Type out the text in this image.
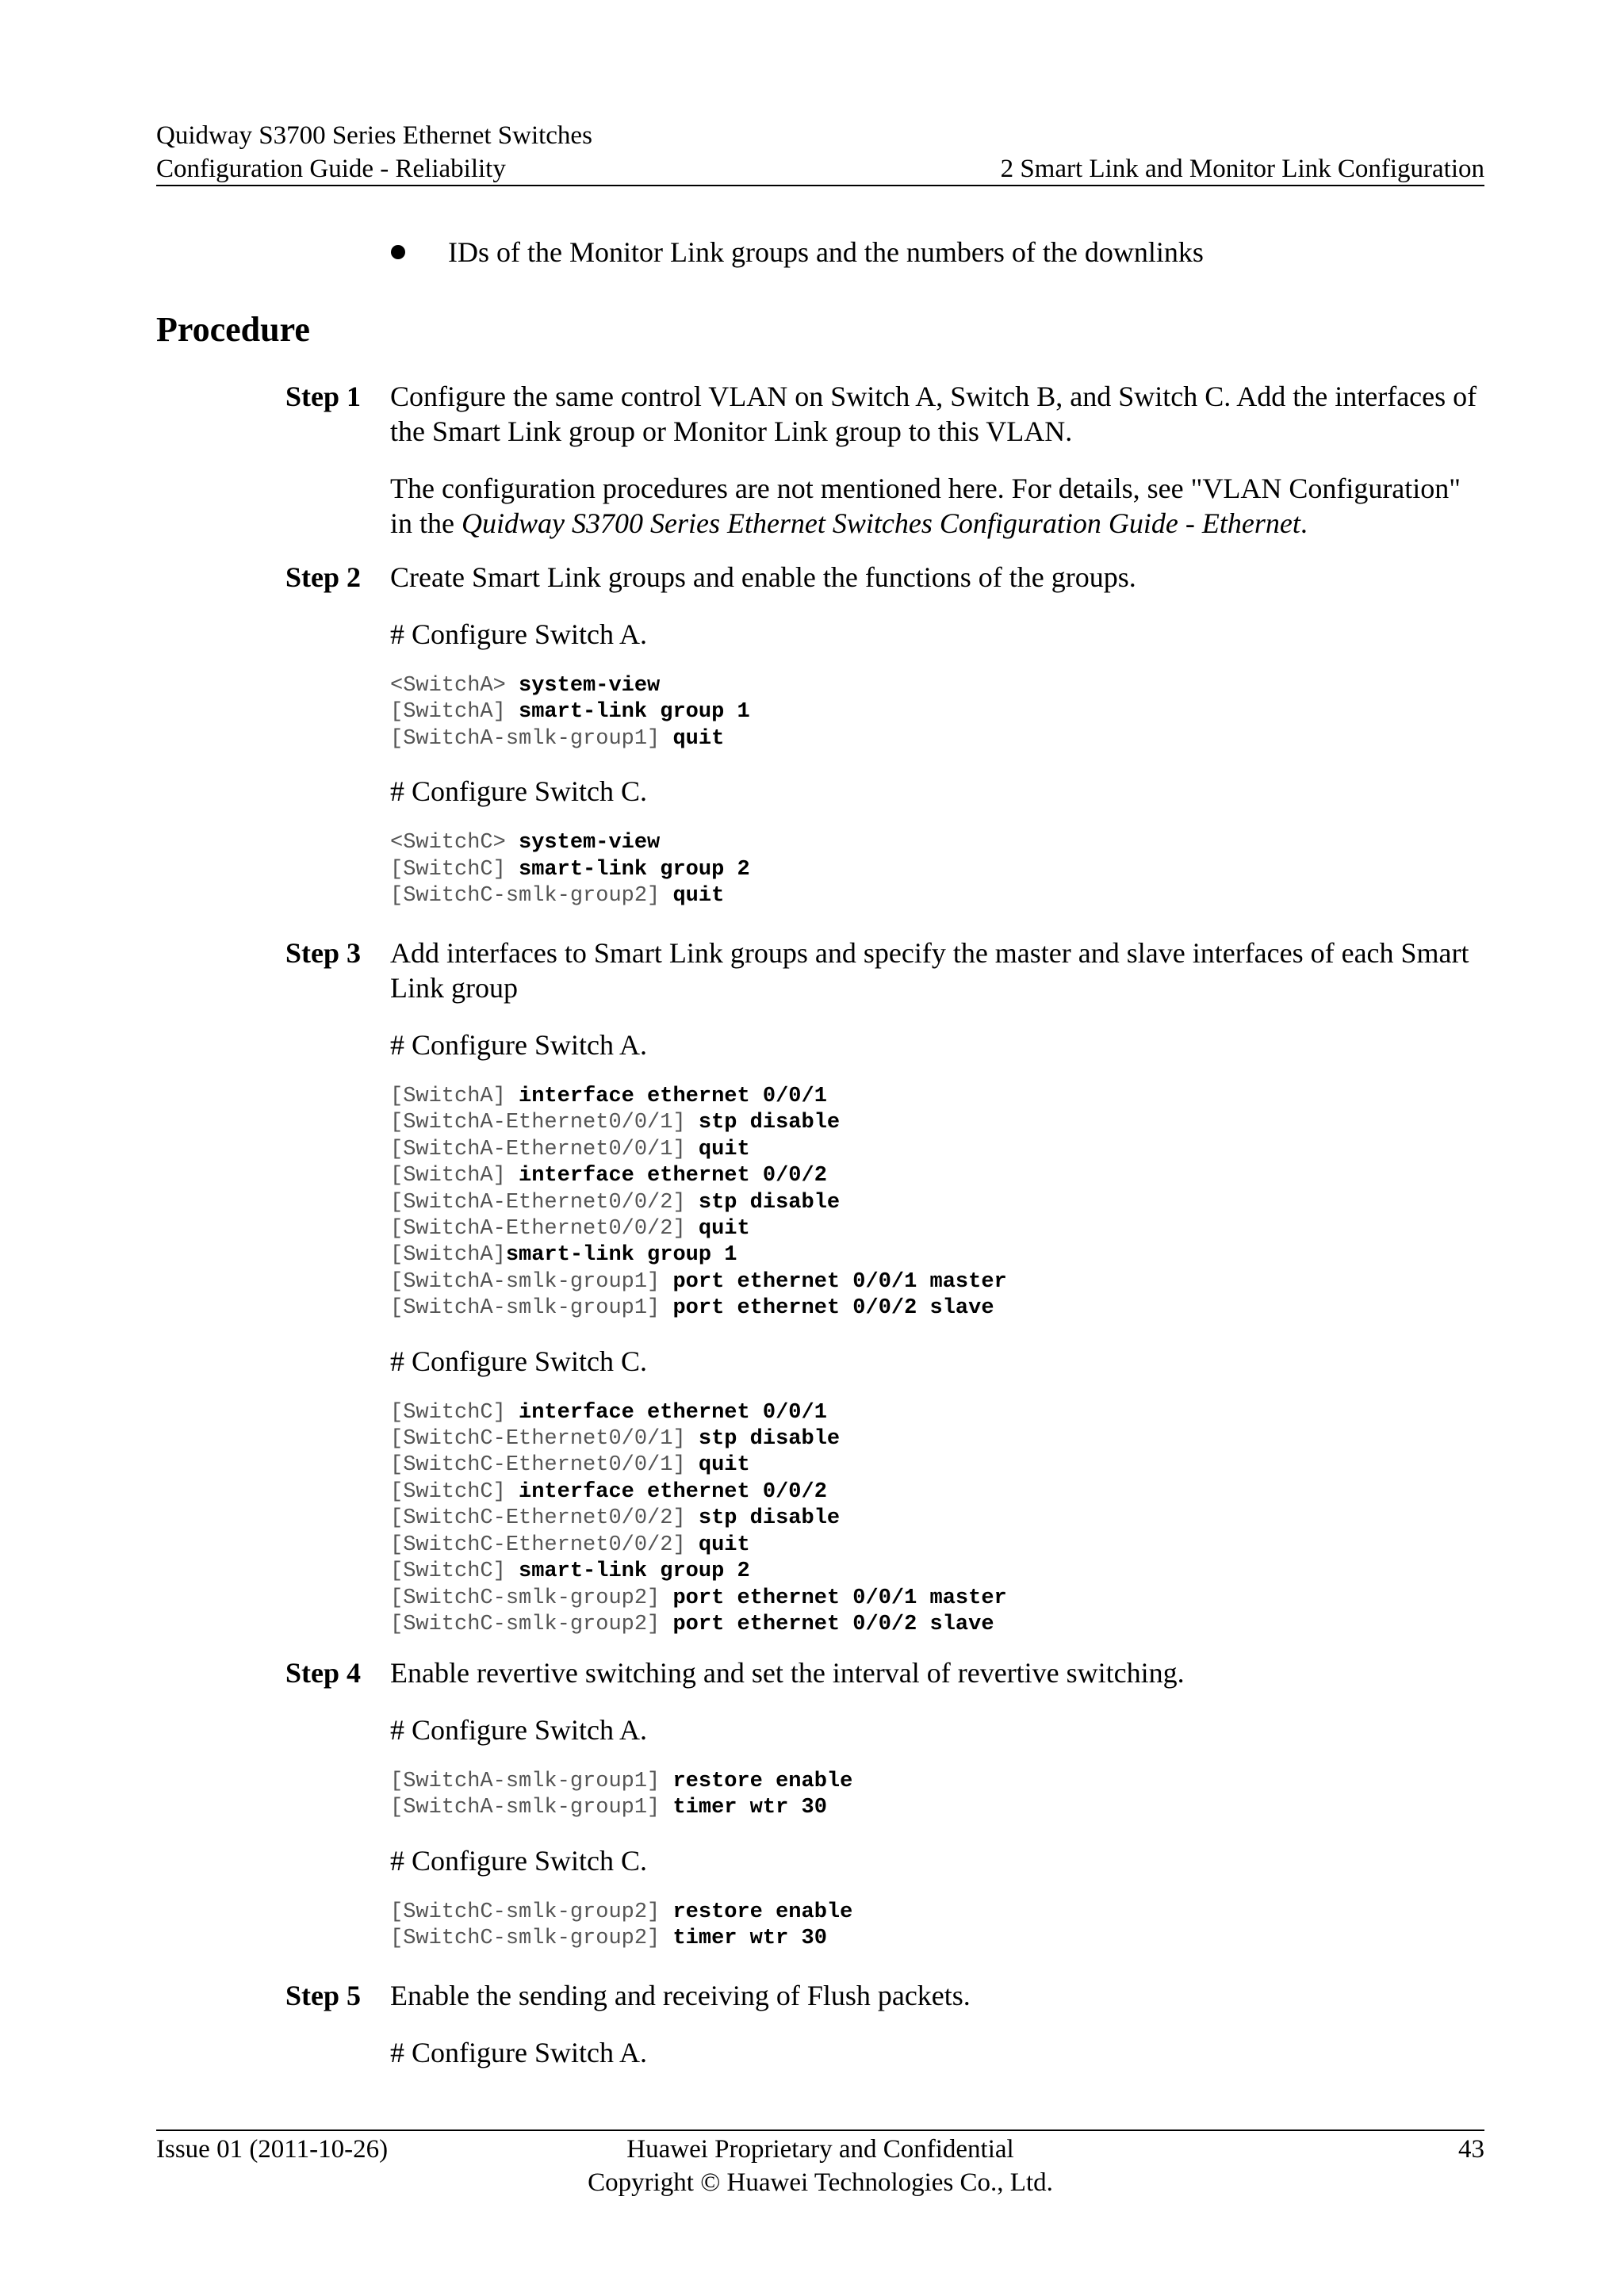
Quidway S3700 Series Ethernet Switches
Configuration Guide - Reliability	2 Smart Link and Monitor Link Configuration
IDs of the Monitor Link groups and the numbers of the downlinks
Procedure
Step 1 Configure the same control VLAN on Switch A, Switch B, and Switch C. Add the interfaces of the Smart Link group or Monitor Link group to this VLAN.

The configuration procedures are not mentioned here. For details, see "VLAN Configuration" in the Quidway S3700 Series Ethernet Switches Configuration Guide - Ethernet.

Step 2 Create Smart Link groups and enable the functions of the groups.

# Configure Switch A.

<SwitchA> system-view
[SwitchA] smart-link group 1
[SwitchA-smlk-group1] quit

# Configure Switch C.

<SwitchC> system-view
[SwitchC] smart-link group 2
[SwitchC-smlk-group2] quit
Step 3 Add interfaces to Smart Link groups and specify the master and slave interfaces of each Smart Link group

# Configure Switch A.

[SwitchA] interface ethernet 0/0/1
[SwitchA-Ethernet0/0/1] stp disable
[SwitchA-Ethernet0/0/1] quit
[SwitchA] interface ethernet 0/0/2
[SwitchA-Ethernet0/0/2] stp disable
[SwitchA-Ethernet0/0/2] quit
[SwitchA]smart-link group 1
[SwitchA-smlk-group1] port ethernet 0/0/1 master
[SwitchA-smlk-group1] port ethernet 0/0/2 slave

# Configure Switch C.

[SwitchC] interface ethernet 0/0/1
[SwitchC-Ethernet0/0/1] stp disable
[SwitchC-Ethernet0/0/1] quit
[SwitchC] interface ethernet 0/0/2
[SwitchC-Ethernet0/0/2] stp disable
[SwitchC-Ethernet0/0/2] quit
[SwitchC] smart-link group 2
[SwitchC-smlk-group2] port ethernet 0/0/1 master
[SwitchC-smlk-group2] port ethernet 0/0/2 slave
Step 4 Enable revertive switching and set the interval of revertive switching.

# Configure Switch A.

[SwitchA-smlk-group1] restore enable
[SwitchA-smlk-group1] timer wtr 30

# Configure Switch C.

[SwitchC-smlk-group2] restore enable
[SwitchC-smlk-group2] timer wtr 30
Step 5 Enable the sending and receiving of Flush packets.

# Configure Switch A.

Issue 01 (2011-10-26)	43
Huawei Proprietary and Confidential
Copyright © Huawei Technologies Co., Ltd.
